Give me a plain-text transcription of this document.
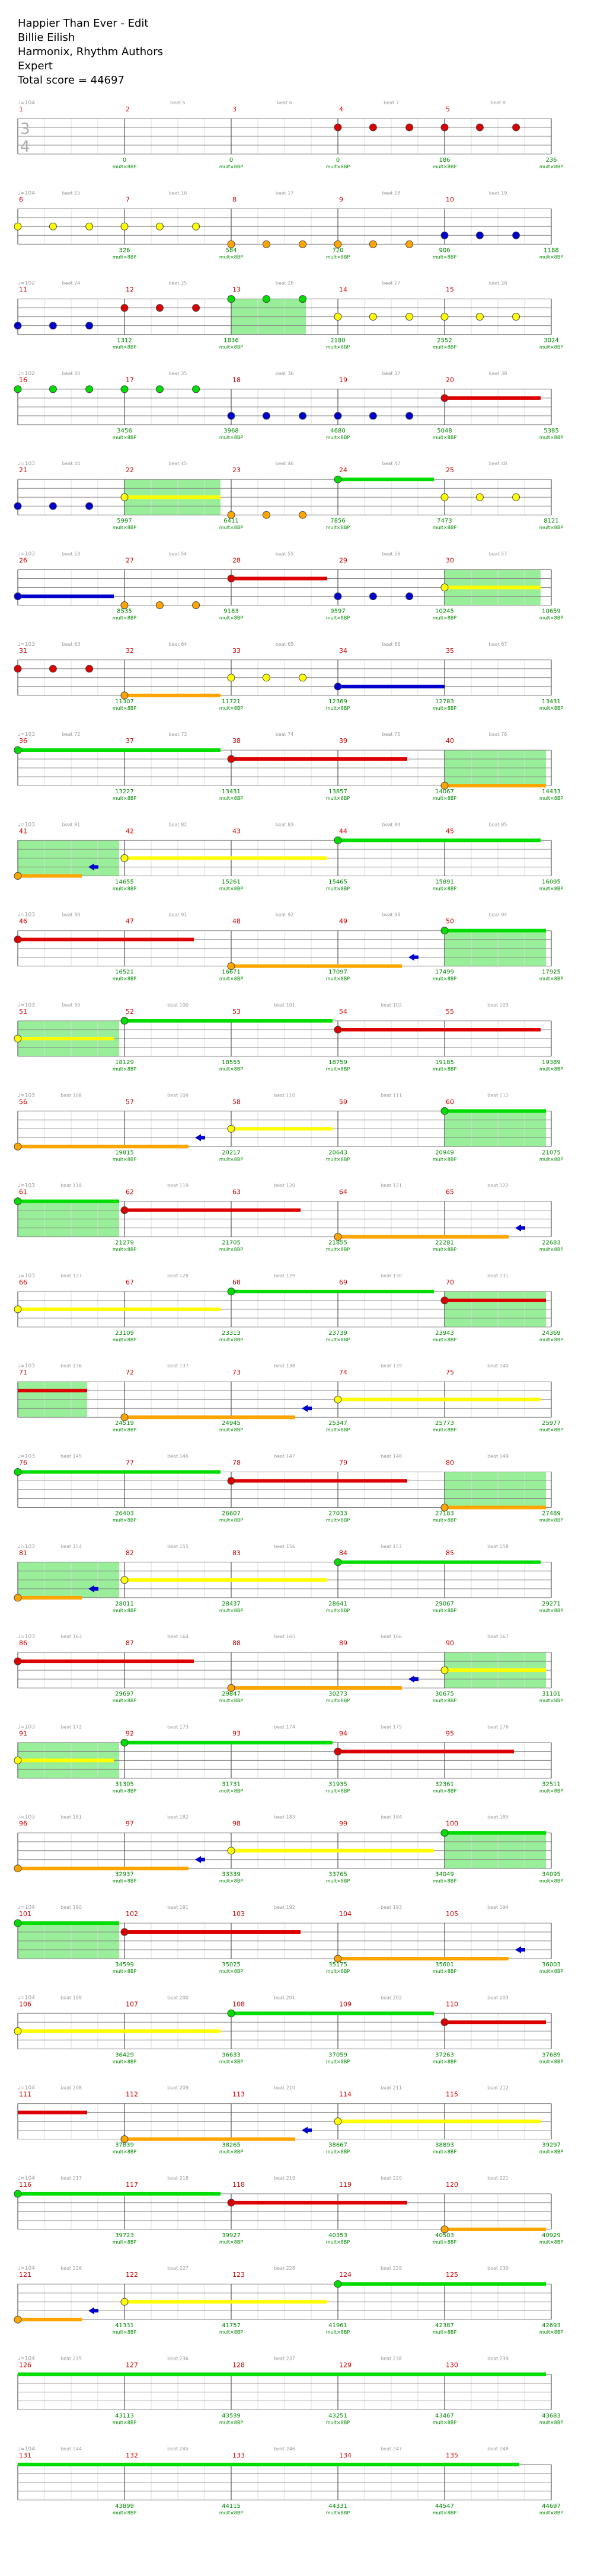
Happier Than Ever - Edit
Billie Eilish
Harmonix, Rhythm Authors
Expert
Total score = 44697
♩=104
1	2
beat 5
3
beat 6
4
beat 7
5
beat 8
3
4
0	0	0	186	236
mult×8BP	mult×8BP	mult×8BP	mult×8BP	mult×8BP
♩=104
6
beat 15
7
beat 16
8
beat 17
9
beat 18
10
beat 19
326	584	720	906	1188
mult×8BP	mult×8BP	mult×8BP	mult×8BP	mult×8BP
♩=102
11
beat 24
12
beat 25
13
beat 26
14
beat 27
15
beat 28
1312	1836	2180	2552	3024
mult×8BP	mult×8BP	mult×8BP	mult×8BP	mult×8BP
♩=102
16
beat 34
17
beat 35
18
beat 36
19
beat 37
20
beat 38
3456	3968	4680	5048	5385
mult×8BP	mult×8BP	mult×8BP	mult×8BP	mult×8BP
♩=103
21
beat 44
22
beat 45
23
beat 46
24
beat 47
25
beat 48
5997	6411	7856	7473	8121
mult×8BP	mult×8BP	mult×8BP	mult×8BP	mult×8BP
♩=103
26
beat 53
27
beat 54
28
beat 55
29
beat 56
30
beat 57
8535	9183	9597	10245	10659
mult×8BP	mult×8BP	mult×8BP	mult×8BP	mult×8BP
♩=103
31
beat 63
32
beat 64
33
beat 65
34
beat 66
35
beat 67
11307	11721	12369	12783	13431
mult×8BP	mult×8BP	mult×8BP	mult×8BP	mult×8BP
♩=103
36
beat 72
37
beat 73
38
beat 74
39
beat 75
40
beat 76
13227	13431	13857	14067	14433
mult×8BP	mult×8BP	mult×8BP	mult×8BP	mult×8BP
♩=103
41
beat 81
42
beat 82
43
beat 83
44
beat 84
45
beat 85
14655	15261	15465	15891	16095
mult×8BP	mult×8BP	mult×8BP	mult×8BP	mult×8BP
♩=103
46
beat 90
47
beat 91
48
beat 92
49
beat 93
50
beat 94
16521	16671	17097	17499	17925
mult×8BP	mult×8BP	mult×8BP	mult×8BP	mult×8BP
♩=103
51
beat 99
52
beat 100
53
beat 101
54
beat 102
55
beat 103
18129	18555	18759	19185	19389
mult×8BP	mult×8BP	mult×8BP	mult×8BP	mult×8BP
♩=103
56
beat 108
57
beat 109
58
beat 110
59
beat 111
60
beat 112
19815	20217	20643	20949	21075
mult×8BP	mult×8BP	mult×8BP	mult×8BP	mult×8BP
♩=103
61
beat 118
62
beat 119
63
beat 120
64
beat 121
65
beat 122
21279	21705	21855	22281	22683
mult×8BP	mult×8BP	mult×8BP	mult×8BP	mult×8BP
♩=103
66
beat 127
67
beat 128
68
beat 129
69
beat 130
70
beat 131
23109	23313	23739	23943	24369
mult×8BP	mult×8BP	mult×8BP	mult×8BP	mult×8BP
♩=103
71
beat 136
72
beat 137
73
beat 138
74
beat 139
75
beat 140
24519	24945	25347	25773	25977
mult×8BP	mult×8BP	mult×8BP	mult×8BP	mult×8BP
♩=103
76
beat 145
77
beat 146
78
beat 147
79
beat 148
80
beat 149
26403	26607	27033	27183	27489
mult×8BP	mult×8BP	mult×8BP	mult×8BP	mult×8BP
♩=103
81
beat 154
82
beat 155
83
beat 156
84
beat 157
85
beat 158
28011	28437	28641	29067	29271
mult×8BP	mult×8BP	mult×8BP	mult×8BP	mult×8BP
♩=103
86
beat 163
87
beat 164
88
beat 165
89
beat 166
90
beat 167
29697	29847	30273	30675	31101
mult×8BP	mult×8BP	mult×8BP	mult×8BP	mult×8BP
♩=103
91
beat 172
92
beat 173
93
beat 174
94
beat 175
95
beat 176
31305	31731	31935	32361	32511
mult×8BP	mult×8BP	mult×8BP	mult×8BP	mult×8BP
♩=103
96
beat 181
97
beat 182
98
beat 183
99
beat 184
100
beat 185
32937	33339	33765	34049	34095
mult×8BP	mult×8BP	mult×8BP	mult×8BP	mult×8BP
♩=104
101
beat 190
102
beat 191
103
beat 192
104
beat 193
105
beat 194
34599	35025	35175	35601	36003
mult×8BP	mult×8BP	mult×8BP	mult×8BP	mult×8BP
♩=104
106
beat 199
107
beat 200
108
beat 201
109
beat 202
110
beat 203
36429	36633	37059	37263	37689
mult×8BP	mult×8BP	mult×8BP	mult×8BP	mult×8BP
♩=104
111
beat 208
112
beat 209
113
beat 210
114
beat 211
115
beat 212
37839	38265	38667	38893	39297
mult×8BP	mult×8BP	mult×8BP	mult×8BP	mult×8BP
♩=104
116
beat 217
117
beat 218
118
beat 219
119
beat 220
120
beat 221
39723	39927	40353	40503	40929
mult×8BP	mult×8BP	mult×8BP	mult×8BP	mult×8BP
♩=104
121
beat 226
122
beat 227
123
beat 228
124
beat 229
125
beat 230
41331	41757	41961	42387	42693
mult×8BP	mult×8BP	mult×8BP	mult×8BP	mult×8BP
♩=104
126
beat 235
127
beat 236
128
beat 237
129
beat 238
130
beat 239
43113	43539	43251	43467	43683
mult×8BP	mult×8BP	mult×8BP	mult×8BP	mult×8BP
♩=104
131
beat 244
132
beat 245
133
beat 246
134
beat 247
135
beat 248
43899	44115	44331	44547	44697
mult×8BP	mult×8BP	mult×8BP	mult×8BP	mult×8BP
